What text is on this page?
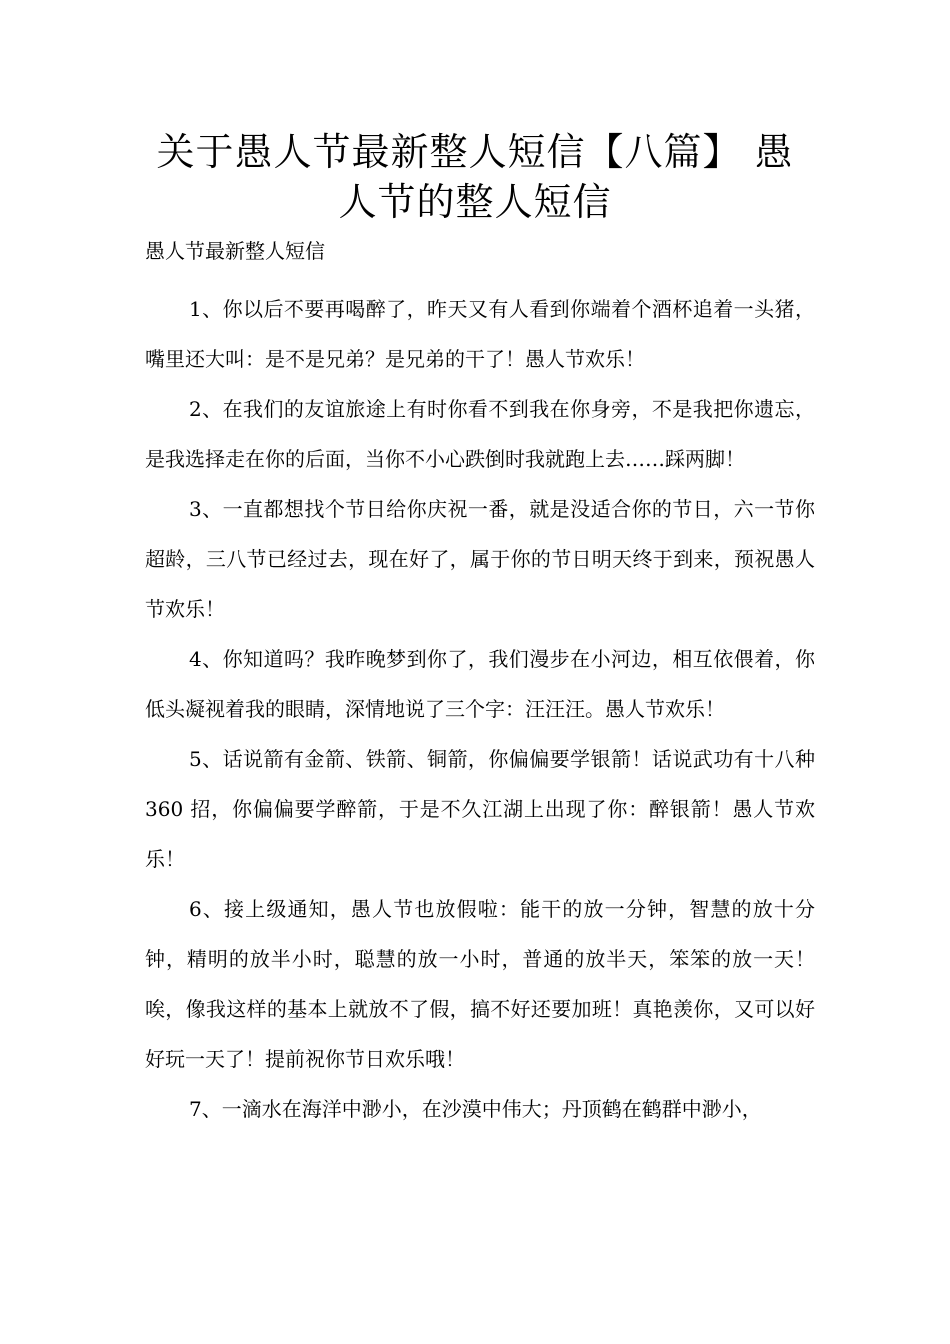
关于愚人节最新整人短信【八篇】 愚
人节的整人短信

愚人节最新整人短信

1、你以后不要再喝醉了，昨天又有人看到你端着个酒杯追着一头猪，嘴里还大叫：是不是兄弟？是兄弟的干了！愚人节欢乐！

2、在我们的友谊旅途上有时你看不到我在你身旁，不是我把你遗忘，是我选择走在你的后面，当你不小心跌倒时我就跑上去……踩两脚！

3、一直都想找个节日给你庆祝一番，就是没适合你的节日，六一节你超龄，三八节已经过去，现在好了，属于你的节日明天终于到来，预祝愚人节欢乐！

4、你知道吗？我昨晚梦到你了，我们漫步在小河边，相互依偎着，你低头凝视着我的眼睛，深情地说了三个字：汪汪汪。愚人节欢乐！

5、话说箭有金箭、铁箭、铜箭，你偏偏要学银箭！话说武功有十八种 360 招，你偏偏要学醉箭，于是不久江湖上出现了你：醉银箭！愚人节欢乐！

6、接上级通知，愚人节也放假啦：能干的放一分钟，智慧的放十分钟，精明的放半小时，聪慧的放一小时，普通的放半天，笨笨的放一天！唉，像我这样的基本上就放不了假，搞不好还要加班！真艳羡你，又可以好好玩一天了！提前祝你节日欢乐哦！

7、一滴水在海洋中渺小，在沙漠中伟大；丹顶鹤在鹤群中渺小，
